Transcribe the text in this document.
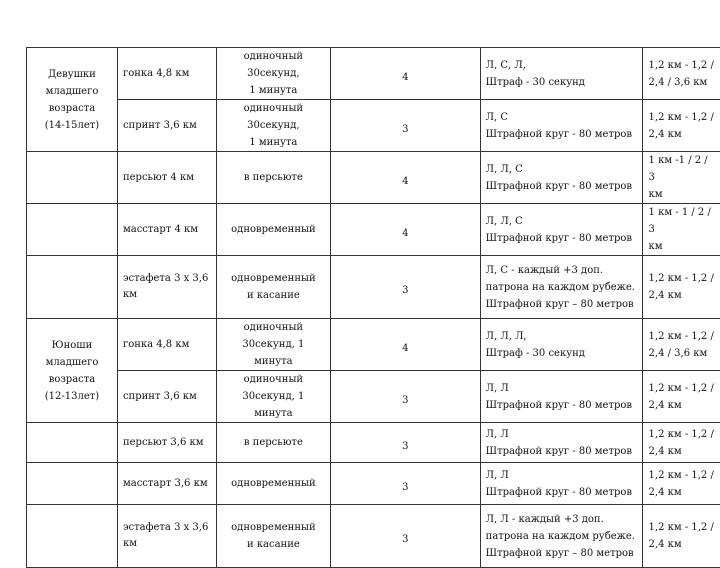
Девушки
младшего
возраста
(14-15лет)	гонка 4,8 км	одиночный
30секунд,
1 минута	4	Л, С, Л,
Штраф - 30 секунд	1,2 км - 1,2 /
2,4 / 3,6 км
	спринт 3,6 км	одиночный
30секунд,
1 минута	3	Л, С
Штрафной круг - 80 метров	1,2 км - 1,2 /
2,4 км
	персьют 4 км	в персьюте	4	Л, Л, С
Штрафной круг - 80 метров	1 км -1 / 2 / 3
км
	масстарт 4 км	одновременный	4	Л, Л, С
Штрафной круг - 80 метров	1 км - 1 / 2 / 3
км
	эстафета 3 х 3,6
км	одновременный
и касание	3	Л, С - каждый +3 доп.
патрона на каждом рубеже.
Штрафной круг – 80 метров	1,2 км - 1,2 /
2,4 км
Юноши
младшего
возраста
(12-13лет)	гонка 4,8 км	одиночный
30секунд, 1
минута	4	Л, Л, Л,
Штраф - 30 секунд	1,2 км - 1,2 /
2,4 / 3,6 км
	спринт 3,6 км	одиночный
30секунд, 1
минута	3	Л, Л
Штрафной круг - 80 метров	1,2 км - 1,2 /
2,4 км
	персьют 3,6 км	в персьюте	3	Л, Л
Штрафной круг - 80 метров	1,2 км - 1,2 /
2,4 км
	масстарт 3,6 км	одновременный	3	Л, Л
Штрафной круг - 80 метров	1,2 км - 1,2 /
2,4 км
	эстафета 3 х 3,6
км	одновременный
и касание	3	Л, Л - каждый +3 доп.
патрона на каждом рубеже.
Штрафной круг – 80 метров	1,2 км - 1,2 /
2,4 км
